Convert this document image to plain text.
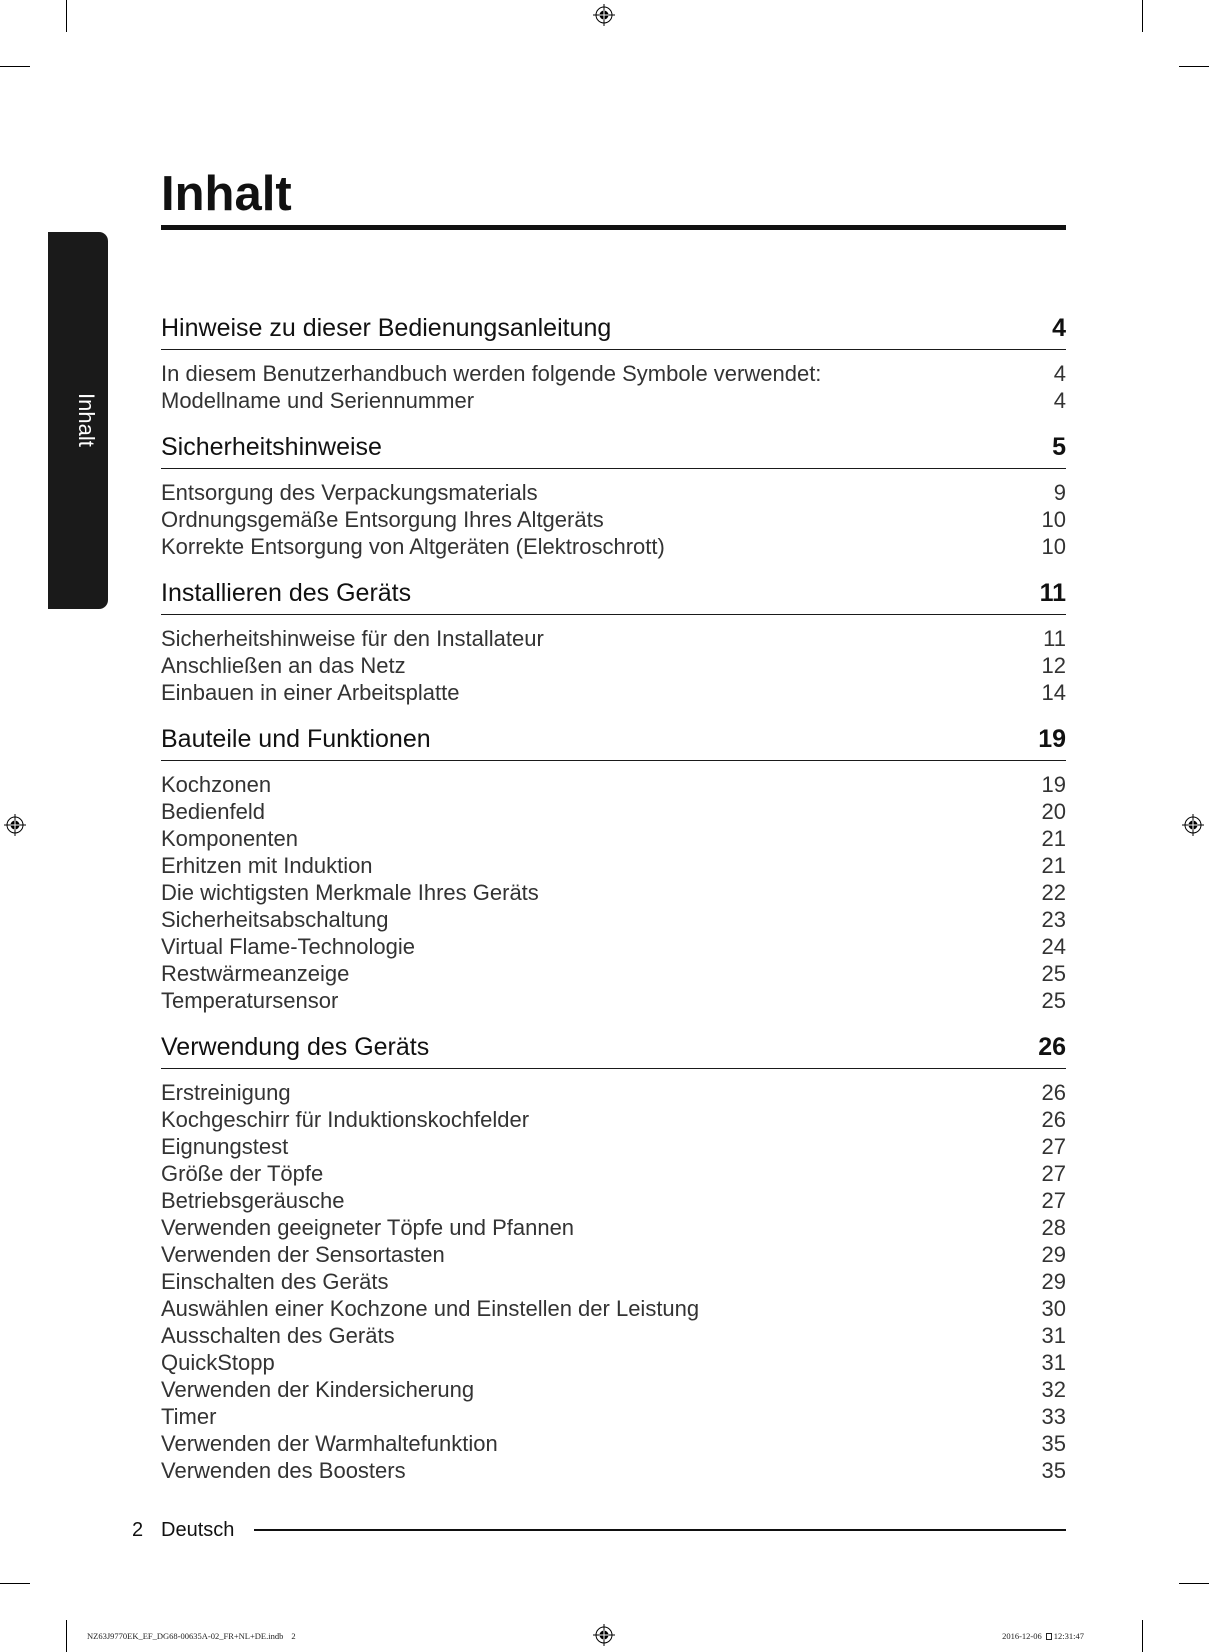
Inhalt
Inhalt
Hinweise zu dieser Bedienungsanleitung	4
In diesem Benutzerhandbuch werden folgende Symbole verwendet:	4
Modellname und Seriennummer	4
Sicherheitshinweise	5
Entsorgung des Verpackungsmaterials	9
Ordnungsgemäße Entsorgung Ihres Altgeräts	10
Korrekte Entsorgung von Altgeräten (Elektroschrott)	10
Installieren des Geräts	11
Sicherheitshinweise für den Installateur	11
Anschließen an das Netz	12
Einbauen in einer Arbeitsplatte	14
Bauteile und Funktionen	19
Kochzonen	19
Bedienfeld	20
Komponenten	21
Erhitzen mit Induktion	21
Die wichtigsten Merkmale Ihres Geräts	22
Sicherheitsabschaltung	23
Virtual Flame-Technologie	24
Restwärmeanzeige	25
Temperatursensor	25
Verwendung des Geräts	26
Erstreinigung	26
Kochgeschirr für Induktionskochfelder	26
Eignungstest	27
Größe der Töpfe	27
Betriebsgeräusche	27
Verwenden geeigneter Töpfe und Pfannen	28
Verwenden der Sensortasten	29
Einschalten des Geräts	29
Auswählen einer Kochzone und Einstellen der Leistung	30
Ausschalten des Geräts	31
QuickStopp	31
Verwenden der Kindersicherung	32
Timer	33
Verwenden der Warmhaltefunktion	35
Verwenden des Boosters	35
2 Deutsch
NZ63J9770EK_EF_DG68-00635A-02_FR+NL+DE.indb 2	2016-12-06 12:31:47
